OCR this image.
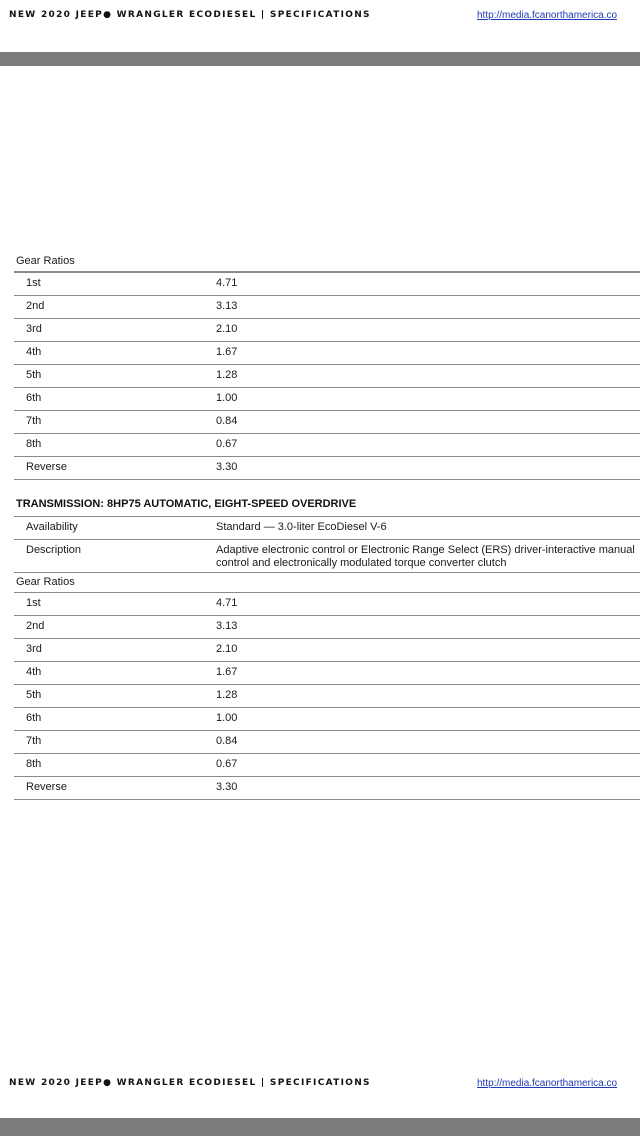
NEW 2020 JEEP● WRANGLER ECODIESEL | SPECIFICATIONS	http://media.fcanorthamerica.co
Gear Ratios
1st	4.71
2nd	3.13
3rd	2.10
4th	1.67
5th	1.28
6th	1.00
7th	0.84
8th	0.67
Reverse	3.30
TRANSMISSION: 8HP75 AUTOMATIC, EIGHT-SPEED OVERDRIVE
Availability	Standard — 3.0-liter EcoDiesel V-6
Description	Adaptive electronic control or Electronic Range Select (ERS) driver-interactive manual control and electronically modulated torque converter clutch
Gear Ratios
1st	4.71
2nd	3.13
3rd	2.10
4th	1.67
5th	1.28
6th	1.00
7th	0.84
8th	0.67
Reverse	3.30
NEW 2020 JEEP● WRANGLER ECODIESEL | SPECIFICATIONS	http://media.fcanorthamerica.co
